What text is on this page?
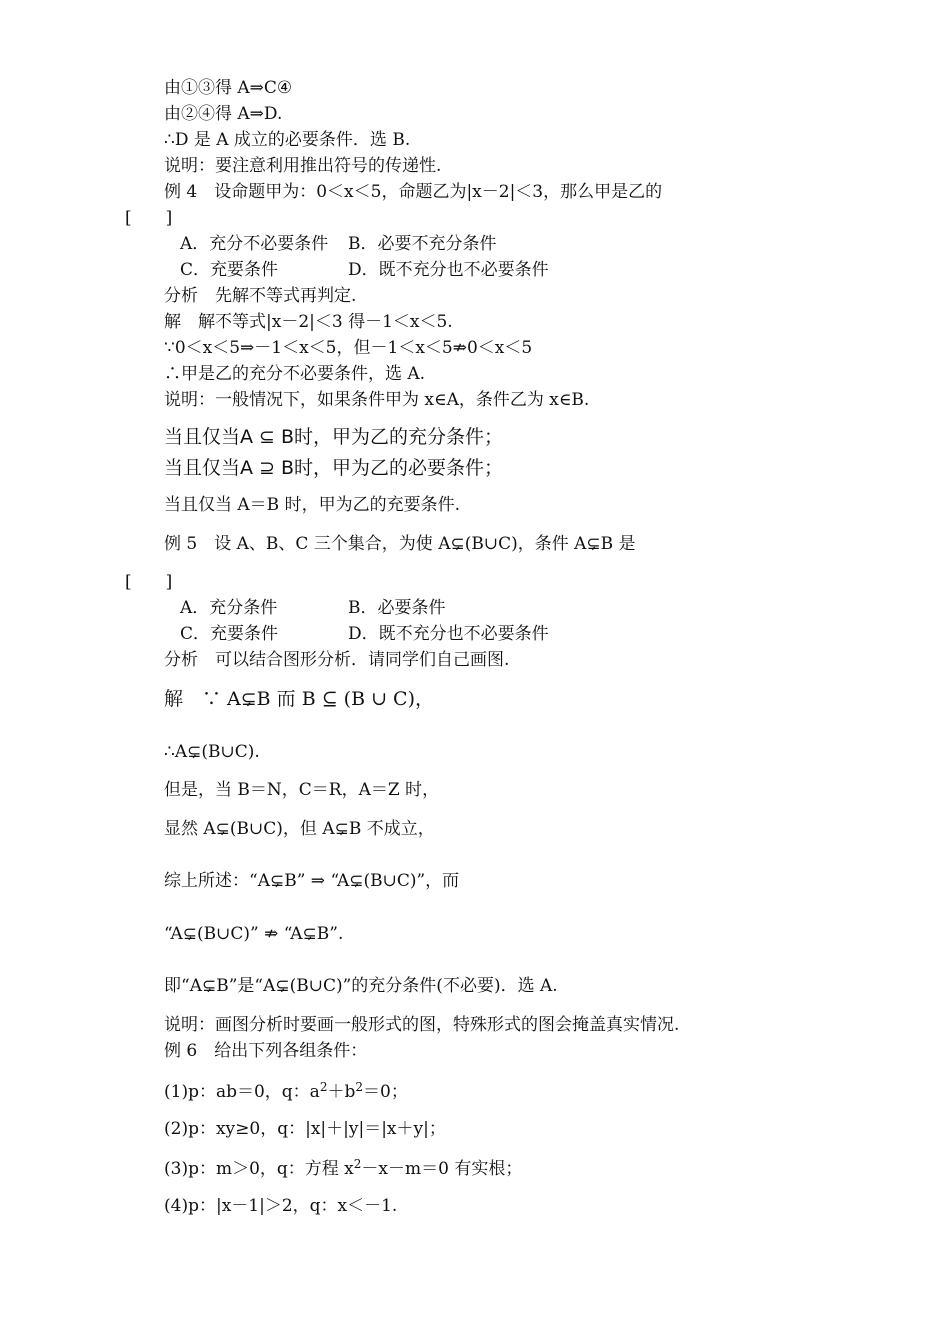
由①③得 A⇒C④
由②④得 A⇒D.
∴D 是 A 成立的必要条件．选 B.
说明：要注意利用推出符号的传递性.
例 4　设命题甲为：0＜x＜5，命题乙为|x－2|＜3，那么甲是乙的
[　　]
A．充分不必要条件 B．必要不充分条件
C．充要条件	D．既不充分也不必要条件
分析　先解不等式再判定.
解　解不等式|x－2|＜3 得－1＜x＜5.
∵0＜x＜5⇒－1＜x＜5，但－1＜x＜5⇏0＜x＜5
∴甲是乙的充分不必要条件，选 A.
说明：一般情况下，如果条件甲为 x∈A，条件乙为 x∈B.
当且仅当A ⊆ B时，甲为乙的充分条件；
当且仅当A ⊇ B时，甲为乙的必要条件；
当且仅当 A＝B 时，甲为乙的充要条件.
例 5　设 A、B、C 三个集合，为使 A⊊(B∪C)，条件 A⊊B 是
[　　]
A．充分条件	B．必要条件
C．充要条件	D．既不充分也不必要条件
分析　可以结合图形分析．请同学们自己画图.
解　∵ A⊊B 而 B ⊆ (B ∪ C)，
∴A⊊(B∪C).
但是，当 B＝N，C＝R，A＝Z 时，
显然 A⊊(B∪C)，但 A⊊B 不成立，
综上所述：“A⊊B” ⇒ “A⊊(B∪C)”，而
“A⊊(B∪C)” ⇏ “A⊊B”.
即“A⊊B”是“A⊊(B∪C)”的充分条件(不必要)．选 A.
说明：画图分析时要画一般形式的图，特殊形式的图会掩盖真实情况.
例 6　给出下列各组条件：
(1)p：ab＝0，q：$a^2+b^2=0$；
(2)p：xy≥0，q：|x|＋|y|＝|x＋y|；
(3)p：m＞0，q：方程 $x^2-x-m=0$ 有实根；
(4)p：|x－1|＞2，q：x＜－1.
